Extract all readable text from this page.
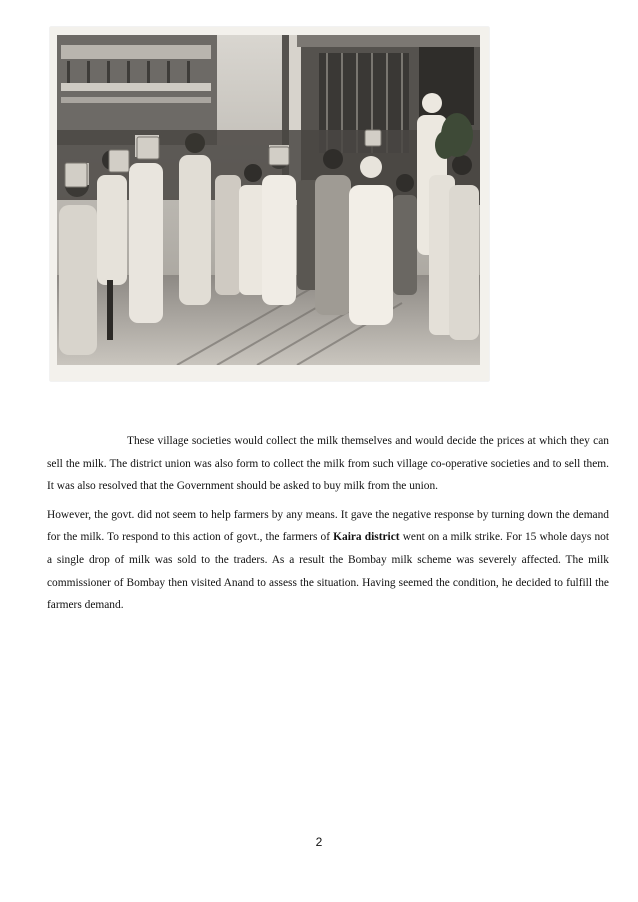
These village societies would collect the milk themselves and would decide the prices at which they can sell the milk. The district union was also form to collect the milk from such village co-operative societies and to sell them. It was also resolved that the Government should be asked to buy milk from the union.

However, the govt. did not seem to help farmers by any means. It gave the negative response by turning down the demand for the milk. To respond to this action of govt., the farmers of Kaira district went on a milk strike. For 15 whole days not a single drop of milk was sold to the traders. As a result the Bombay milk scheme was severely affected. The milk commissioner of Bombay then visited Anand to assess the situation. Having seemed the condition, he decided to fulfill the farmers demand.

2
